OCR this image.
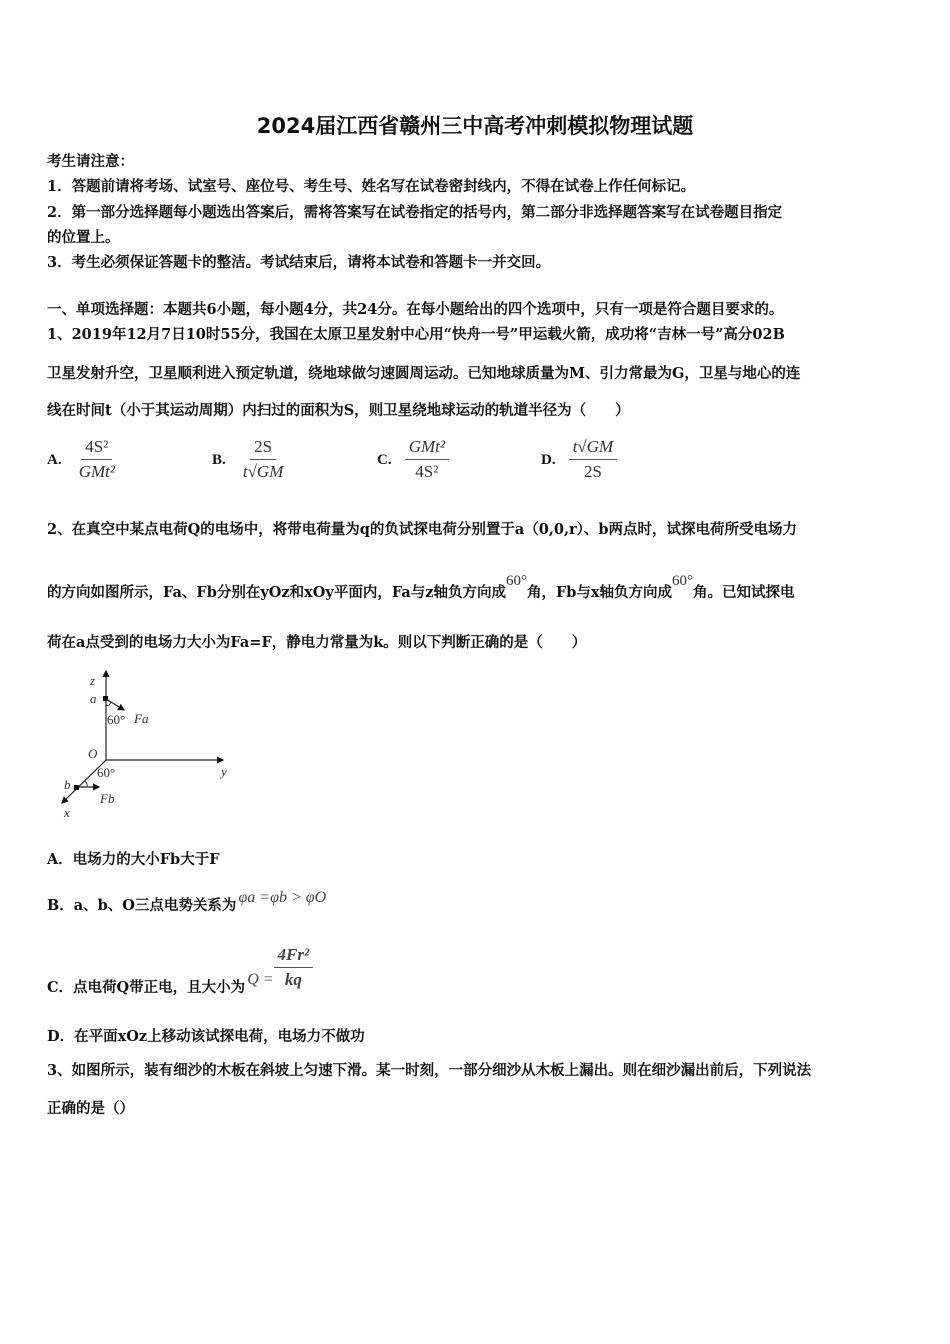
2024届江西省赣州三中高考冲刺模拟物理试题
考生请注意：
1．答题前请将考场、试室号、座位号、考生号、姓名写在试卷密封线内，不得在试卷上作任何标记。
2．第一部分选择题每小题选出答案后，需将答案写在试卷指定的括号内，第二部分非选择题答案写在试卷题目指定
的位置上。
3．考生必须保证答题卡的整洁。考试结束后，请将本试卷和答题卡一并交回。
一、单项选择题：本题共6小题，每小题4分，共24分。在每小题给出的四个选项中，只有一项是符合题目要求的。
1、2019年12月7日10时55分，我国在太原卫星发射中心用“快舟一号”甲运载火箭，成功将“吉林一号”高分02B
卫星发射升空，卫星顺利进入预定轨道，绕地球做匀速圆周运动。已知地球质量为M、引力常最为G，卫星与地心的连
线在时间t（小于其运动周期）内扫过的面积为S，则卫星绕地球运动的轨道半径为（　　）
A. $\frac{\text{4S²}}{\text{GMt²}}$	B. $\frac{2S}{t√GM}$	C. $\frac{\text{GMt²}}{\text{4S²}}$	D. $\frac{t√GM}{2S}$
2、在真空中某点电荷Q的电场中，将带电荷量为q的负试探电荷分别置于a（0,0,r）、b两点时，试探电荷所受电场力
的方向如图所示，Fa、Fb分别在yOz和xOy平面内，Fa与z轴负方向成60°角，Fb与x轴负方向成60°角。已知试探电
荷在a点受到的电场力大小为Fa=F，静电力常量为k。则以下判断正确的是（　　）
z
a
Fa
O
y
b
Fb
x
60°
60°
A．电场力的大小Fb大于F
B．a、b、O三点电势关系为 φa =φb > φO
C．点电荷Q带正电，且大小为 $Q = \frac{\text{4Fr²}}{kq}$
D．在平面xOz上移动该试探电荷，电场力不做功
3、如图所示，装有细沙的木板在斜坡上匀速下滑。某一时刻，一部分细沙从木板上漏出。则在细沙漏出前后，下列说法
正确的是（）
